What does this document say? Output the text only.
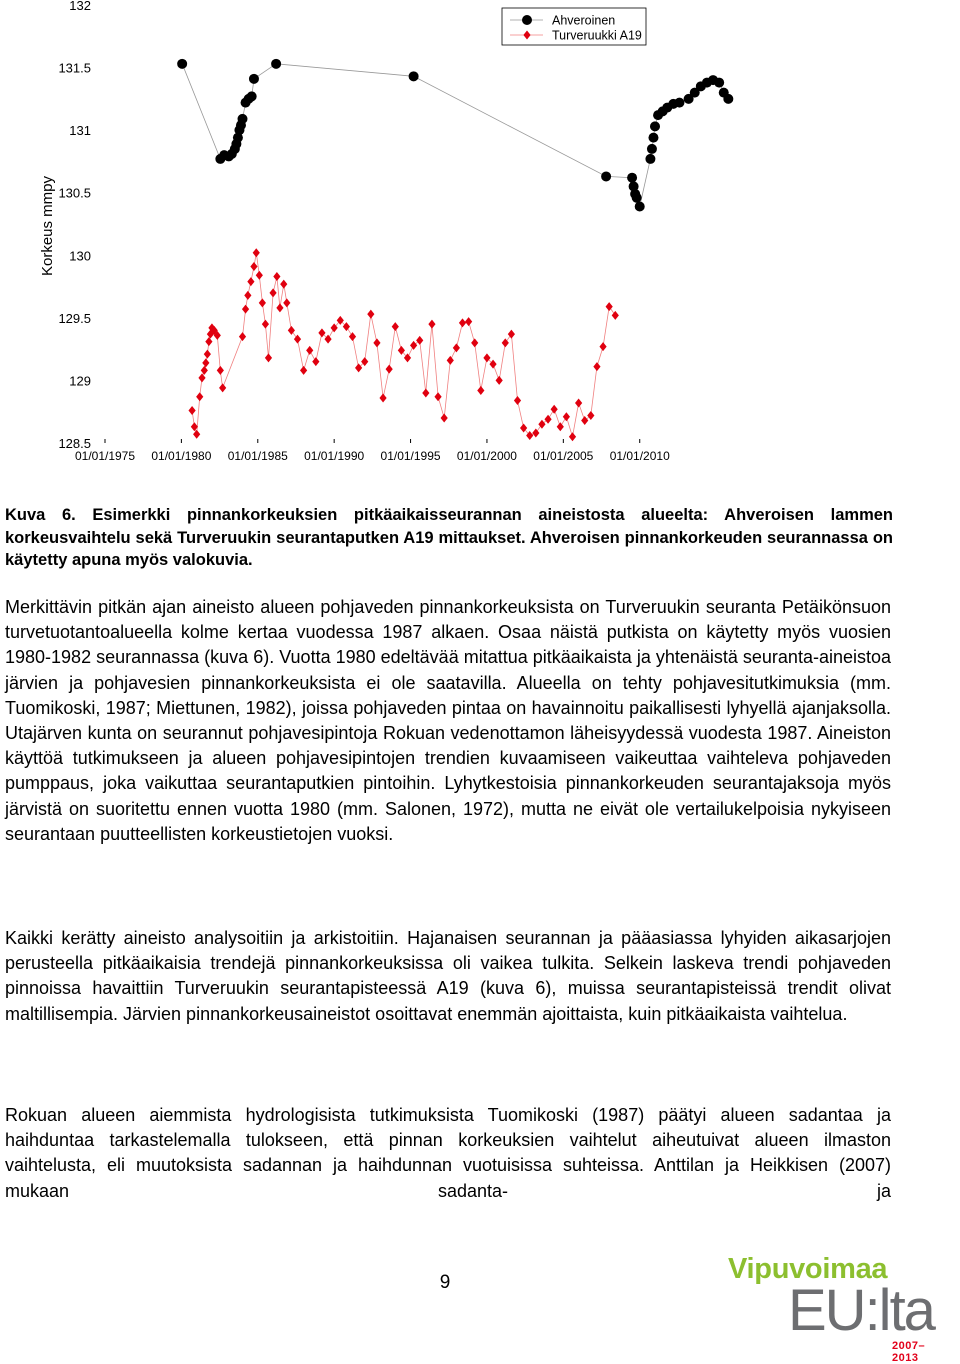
132
131.5
131
130.5
130
129.5
129
128.5
01/01/1975 01/01/1980 01/01/1985 01/01/1990 01/01/1995 01/01/2000 01/01/2005 01/01/2010
Korkeus mmpy
Ahveroinen
Turveruukki A19
Kuva 6. Esimerkki pinnankorkeuksien pitkäaikaisseurannan aineistosta alueelta: Ahveroisen lammen korkeusvaihtelu sekä Turveruukin seurantaputken A19 mittaukset. Ahveroisen pinnankorkeuden seurannassa on käytetty apuna myös valokuvia.
Merkittävin pitkän ajan aineisto alueen pohjaveden pinnankorkeuksista on Turveruukin seuranta Petäikönsuon turvetuotantoalueella kolme kertaa vuodessa 1987 alkaen. Osaa näistä putkista on käytetty myös vuosien 1980-1982 seurannassa (kuva 6). Vuotta 1980 edeltävää mitattua pitkäaikaista ja yhtenäistä seuranta-aineistoa järvien ja pohjavesien pinnankorkeuksista ei ole saatavilla. Alueella on tehty pohjavesitutkimuksia (mm. Tuomikoski, 1987; Miettunen, 1982), joissa pohjaveden pintaa on havainnoitu paikallisesti lyhyellä ajanjaksolla. Utajärven kunta on seurannut pohjavesipintoja Rokuan vedenottamon läheisyydessä vuodesta 1987. Aineiston käyttöä tutkimukseen ja alueen pohjavesipintojen trendien kuvaamiseen vaikeuttaa vaihteleva pohjaveden pumppaus, joka vaikuttaa seurantaputkien pintoihin. Lyhytkestoisia pinnankorkeuden seurantajaksoja myös järvistä on suoritettu ennen vuotta 1980 (mm. Salonen, 1972), mutta ne eivät ole vertailukelpoisia nykyiseen seurantaan puutteellisten korkeustietojen vuoksi.
Kaikki kerätty aineisto analysoitiin ja arkistoitiin. Hajanaisen seurannan ja pääasiassa lyhyiden aikasarjojen perusteella pitkäaikaisia trendejä pinnankorkeuksissa oli vaikea tulkita. Selkein laskeva trendi pohjaveden pinnoissa havaittiin Turveruukin seurantapisteessä A19 (kuva 6), muissa seurantapisteissä trendit olivat maltillisempia. Järvien pinnankorkeusaineistot osoittavat enemmän ajoittaista, kuin pitkäaikaista vaihtelua.
Rokuan alueen aiemmista hydrologisista tutkimuksista Tuomikoski (1987) päätyi alueen sadantaa ja haihduntaa tarkastelemalla tulokseen, että pinnan korkeuksien vaihtelut aiheutuivat alueen ilmaston vaihtelusta, eli muutoksista sadannan ja haihdunnan vuotuisissa suhteissa. Anttilan ja Heikkisen (2007) mukaan sadanta- ja
9	Vipuvoimaa
EU:lta
2007–2013
